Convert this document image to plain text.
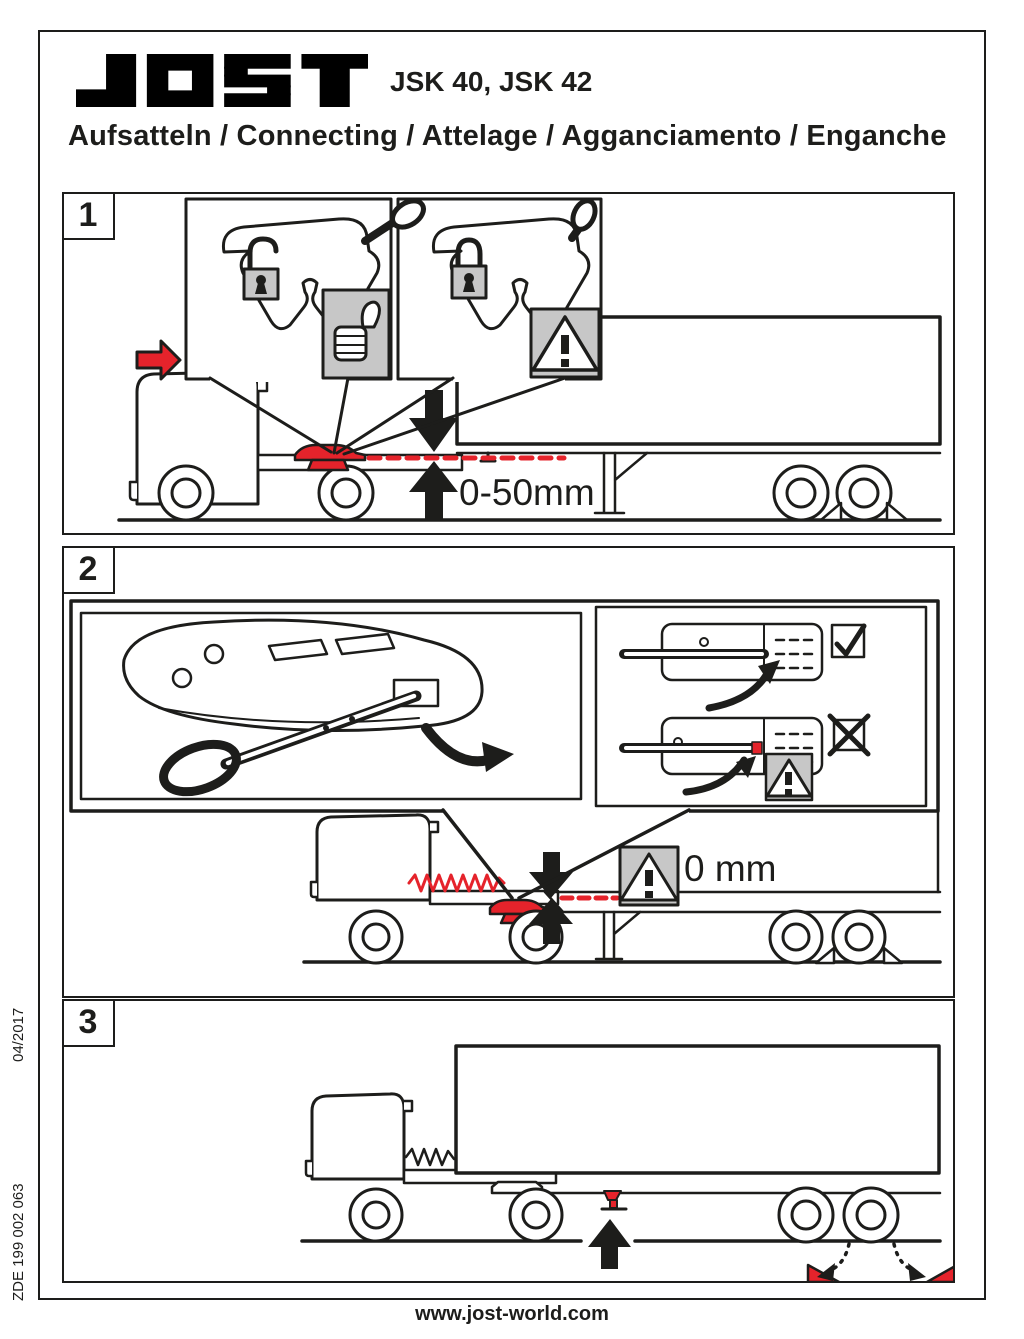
04/2017
ZDE 199 002 063
JSK 40, JSK 42
Aufsatteln / Connecting / Attelage / Agganciamento / Enganche
1
0-50mm
2
0 mm
3
www.jost-world.com
